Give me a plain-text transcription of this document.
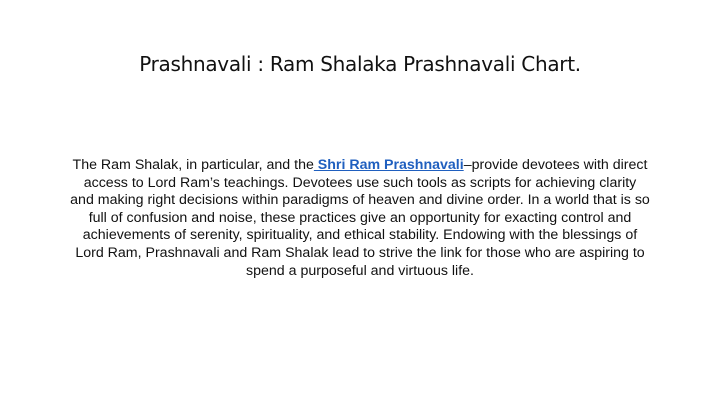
Prashnavali : Ram Shalaka Prashnavali Chart.

The Ram Shalak, in particular, and the Shri Ram Prashnavali–provide devotees with direct access to Lord Ram’s teachings. Devotees use such tools as scripts for achieving clarity and making right decisions within paradigms of heaven and divine order. In a world that is so full of confusion and noise, these practices give an opportunity for exacting control and achievements of serenity, spirituality, and ethical stability. Endowing with the blessings of Lord Ram, Prashnavali and Ram Shalak lead to strive the link for those who are aspiring to spend a purposeful and virtuous life.
